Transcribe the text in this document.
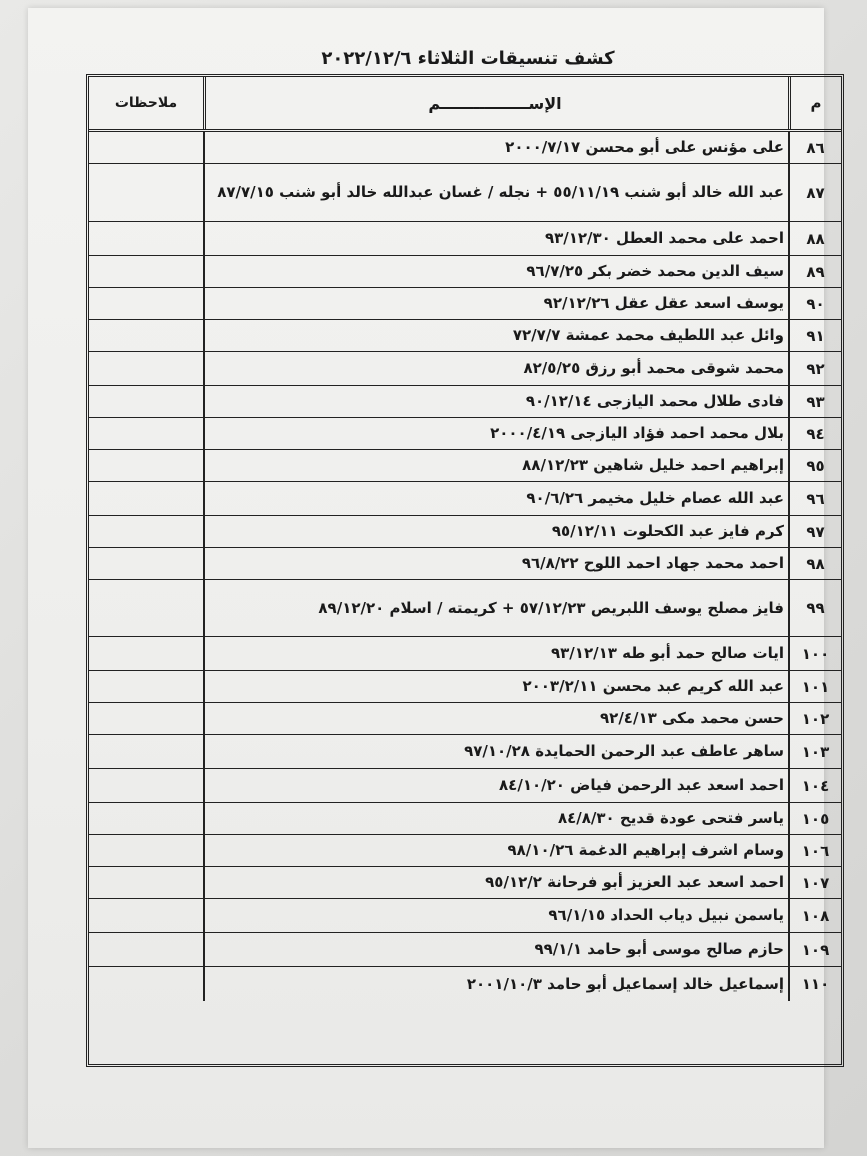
كشف تنسيقات الثلاثاء ٢٠٢٢/١٢/٦
م
الإســــــــــــــــم
ملاحظات
٨٦
على مؤنس على أبو محسن ٢٠٠٠/٧/١٧
٨٧
عبد الله خالد أبو شنب ٥٥/١١/١٩ + نجله / غسان عبدالله خالد أبو شنب ٨٧/٧/١٥
٨٨
احمد على محمد العطل ٩٣/١٢/٣٠
٨٩
سيف الدين محمد خضر بكر ٩٦/٧/٢٥
٩٠
يوسف اسعد عقل عقل ٩٢/١٢/٢٦
٩١
وائل عبد اللطيف محمد عمشة ٧٢/٧/٧
٩٢
محمد شوقى محمد أبو رزق ٨٢/٥/٢٥
٩٣
فادى طلال محمد اليازجى ٩٠/١٢/١٤
٩٤
بلال محمد احمد فؤاد اليازجى ٢٠٠٠/٤/١٩
٩٥
إبراهيم احمد خليل شاهين ٨٨/١٢/٢٣
٩٦
عبد الله عصام خليل مخيمر ٩٠/٦/٢٦
٩٧
كرم فايز عبد الكحلوت ٩٥/١٢/١١
٩٨
احمد محمد جهاد احمد اللوح ٩٦/٨/٢٢
٩٩
فايز مصلح يوسف اللبريص ٥٧/١٢/٢٣ + كريمته / اسلام ٨٩/١٢/٢٠
١٠٠
ايات صالح حمد أبو طه ٩٣/١٢/١٣
١٠١
عبد الله كريم عبد محسن ٢٠٠٣/٢/١١
١٠٢
حسن محمد مكى ٩٢/٤/١٣
١٠٣
ساهر عاطف عبد الرحمن الحمايدة ٩٧/١٠/٢٨
١٠٤
احمد اسعد عبد الرحمن فياض ٨٤/١٠/٢٠
١٠٥
ياسر فتحى عودة قديح ٨٤/٨/٣٠
١٠٦
وسام اشرف إبراهيم الدغمة ٩٨/١٠/٢٦
١٠٧
احمد اسعد عبد العزيز أبو فرحانة ٩٥/١٢/٢
١٠٨
ياسمن نبيل دياب الحداد ٩٦/١/١٥
١٠٩
حازم صالح موسى أبو حامد ٩٩/١/١
١١٠
إسماعيل خالد إسماعيل أبو حامد ٢٠٠١/١٠/٣
